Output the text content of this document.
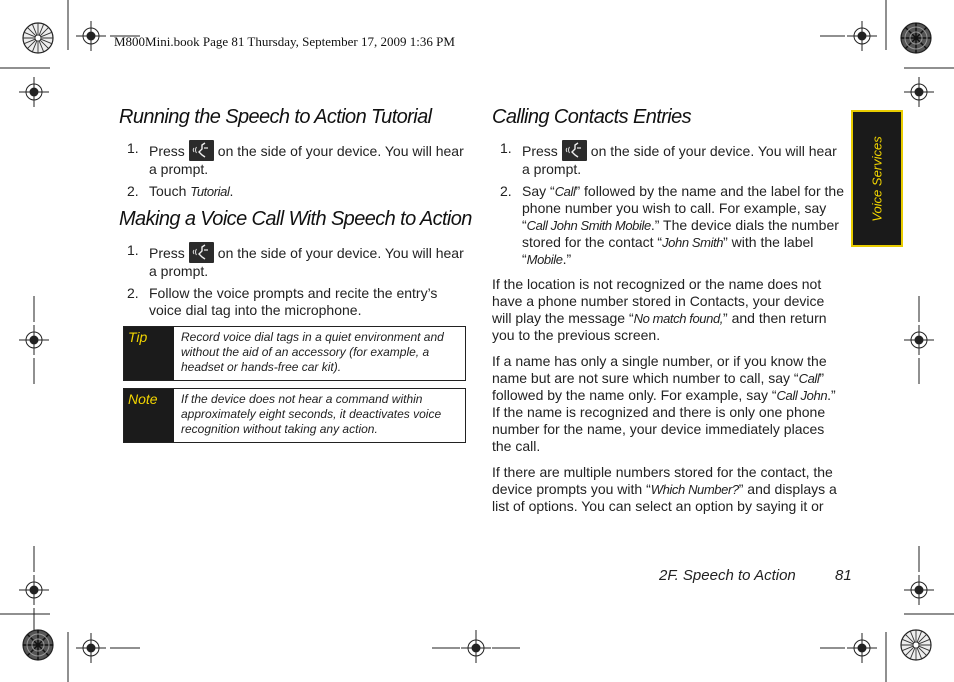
M800Mini.book Page 81 Thursday, September 17, 2009 1:36 PM
Running the Speech to Action Tutorial
1. Press on the side of your device. You will hear a prompt.
2. Touch Tutorial.
Making a Voice Call With Speech to Action
1. Press on the side of your device. You will hear a prompt.
2. Follow the voice prompts and recite the entry’s voice dial tag into the microphone.
Tip	Record voice dial tags in a quiet environment and without the aid of an accessory (for example, a headset or hands-free car kit).
Note	If the device does not hear a command within approximately eight seconds, it deactivates voice recognition without taking any action.
Calling Contacts Entries
1. Press on the side of your device. You will hear a prompt.
2. Say “Call” followed by the name and the label for the phone number you wish to call. For example, say “Call John Smith Mobile.” The device dials the number stored for the contact “John Smith” with the label “Mobile.”
If the location is not recognized or the name does not have a phone number stored in Contacts, your device will play the message “No match found,” and then return you to the previous screen.
If a name has only a single number, or if you know the name but are not sure which number to call, say “Call” followed by the name only. For example, say “Call John.” If the name is recognized and there is only one phone number for the name, your device immediately places the call.
If there are multiple numbers stored for the contact, the device prompts you with “Which Number?” and displays a list of options. You can select an option by saying it or
Voice Services
2F. Speech to Action	81
